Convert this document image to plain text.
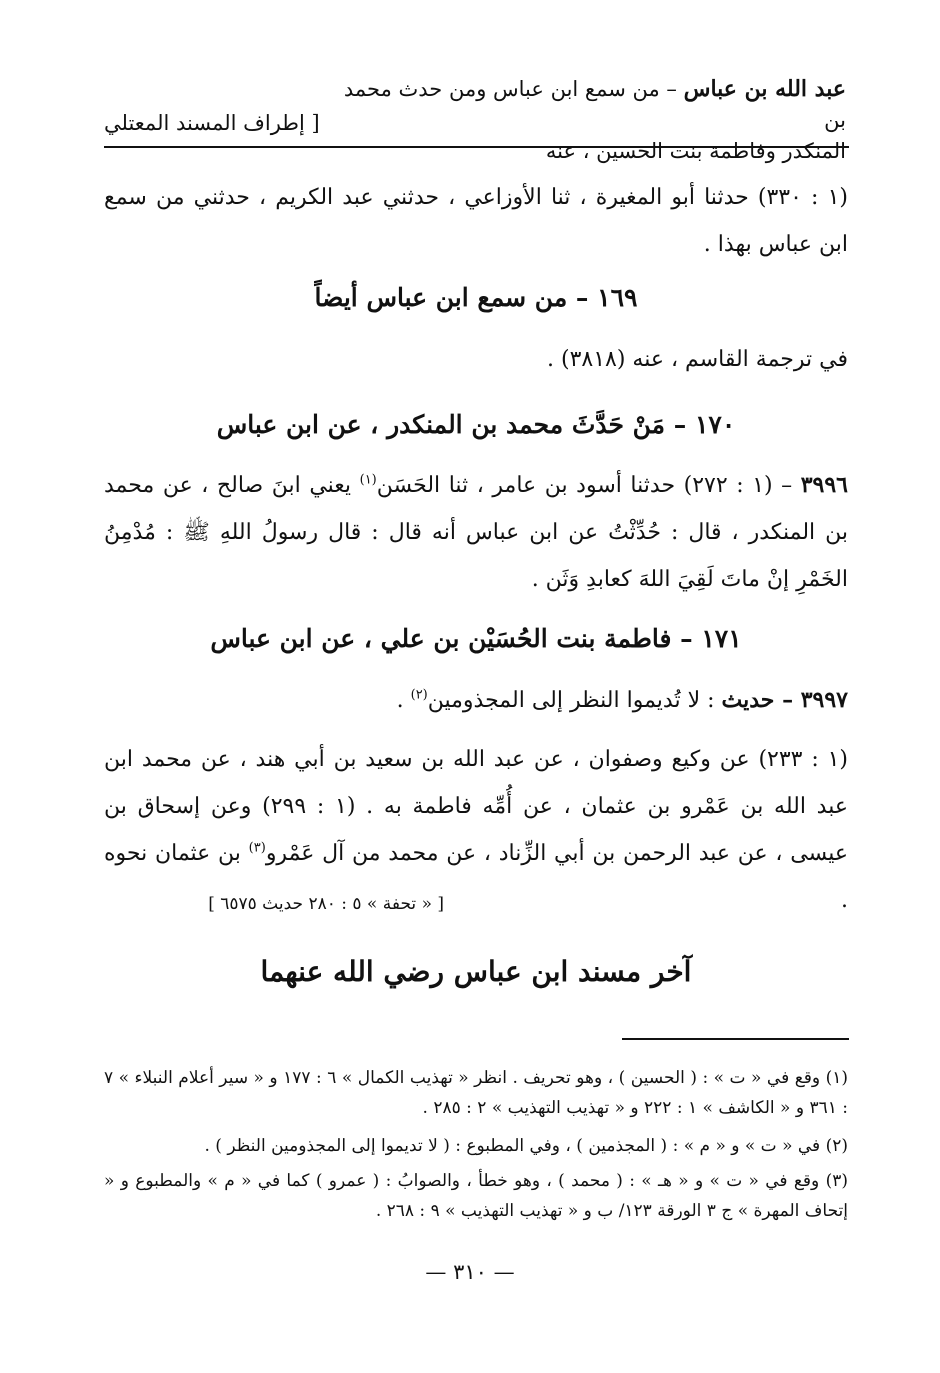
[ إطراف المسند المعتلي
عبد الله بن عباس – من سمع ابن عباس ومن حدث محمد بن
المنكدر وفاطمة بنت الحسين ، عنه
(١ : ٣٣٠) حدثنا أبو المغيرة ، ثنا الأوزاعي ، حدثني عبد الكريم ، حدثني من سمع ابن عباس بهذا .
١٦٩ – من سمع ابن عباس أيضاً
في ترجمة القاسم ، عنه (٣٨١٨) .
١٧٠ – مَنْ حَدَّثَ محمد بن المنكدر ، عن ابن عباس
٣٩٩٦ – (١ : ٢٧٢) حدثنا أسود بن عامر ، ثنا الحَسَن$^{(١)}$ يعني ابنَ صالح ، عن محمد بن المنكدر ، قال : حُدِّثْتُ عن ابن عباس أنه قال : قال رسولُ اللهِ ﷺ : مُدْمِنُ الخَمْرِ إنْ ماتَ لَقِيَ اللهَ كعابدِ وَثَن .
١٧١ – فاطمة بنت الحُسَيْن بن علي ، عن ابن عباس
٣٩٩٧ – حديث : لا تُديموا النظر إلى المجذومين$^{(٢)}$ .
(١ : ٢٣٣) عن وكيع وصفوان ، عن عبد الله بن سعيد بن أبي هند ، عن محمد ابن عبد الله بن عَمْرو بن عثمان ، عن أُمِّه فاطمة به . (١ : ٢٩٩) وعن إسحاق بن عيسى ، عن عبد الرحمن بن أبي الزِّناد ، عن محمد من آل عَمْرو$^{(٣)}$ بن عثمان نحوه .
[ « تحفة » ٥ : ٢٨٠ حديث ٦٥٧٥ ]
آخر مسند ابن عباس رضي الله عنهما
(١) وقع في « ت » : ( الحسين ) ، وهو تحريف . انظر « تهذيب الكمال » ٦ : ١٧٧ و « سير أعلام النبلاء » ٧ : ٣٦١ و « الكاشف » ١ : ٢٢٢ و « تهذيب التهذيب » ٢ : ٢٨٥ .
(٢) في « ت » و « م » : ( المجذمين ) ، وفي المطبوع : ( لا تديموا إلى المجذومين النظر ) .
(٣) وقع في « ت » و « هـ » : ( محمد ) ، وهو خطأ ، والصوابُ : ( عمرو ) كما في « م » والمطبوع و « إتحاف المهرة » ج ٣ الورقة ١٢٣/ ب و « تهذيب التهذيب » ٩ : ٢٦٨ .
— ٣١٠ —
